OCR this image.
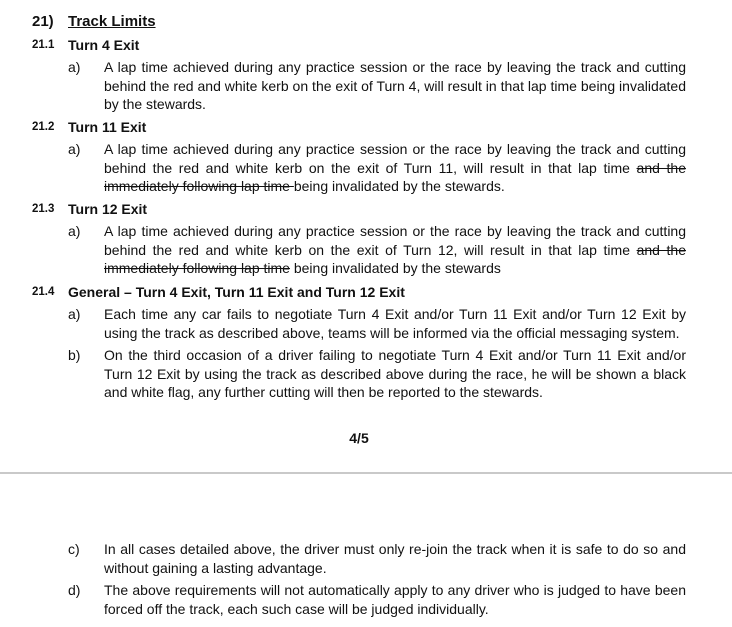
21) Track Limits
21.1 Turn 4 Exit
a) A lap time achieved during any practice session or the race by leaving the track and cutting behind the red and white kerb on the exit of Turn 4, will result in that lap time being invalidated by the stewards.
21.2 Turn 11 Exit
a) A lap time achieved during any practice session or the race by leaving the track and cutting behind the red and white kerb on the exit of Turn 11, will result in that lap time and the immediately following lap time being invalidated by the stewards.
21.3 Turn 12 Exit
a) A lap time achieved during any practice session or the race by leaving the track and cutting behind the red and white kerb on the exit of Turn 12, will result in that lap time and the immediately following lap time being invalidated by the stewards
21.4 General – Turn 4 Exit, Turn 11 Exit and Turn 12 Exit
a) Each time any car fails to negotiate Turn 4 Exit and/or Turn 11 Exit and/or Turn 12 Exit by using the track as described above, teams will be informed via the official messaging system.
b) On the third occasion of a driver failing to negotiate Turn 4 Exit and/or Turn 11 Exit and/or Turn 12 Exit by using the track as described above during the race, he will be shown a black and white flag, any further cutting will then be reported to the stewards.
4/5
c) In all cases detailed above, the driver must only re-join the track when it is safe to do so and without gaining a lasting advantage.
d) The above requirements will not automatically apply to any driver who is judged to have been forced off the track, each such case will be judged individually.
